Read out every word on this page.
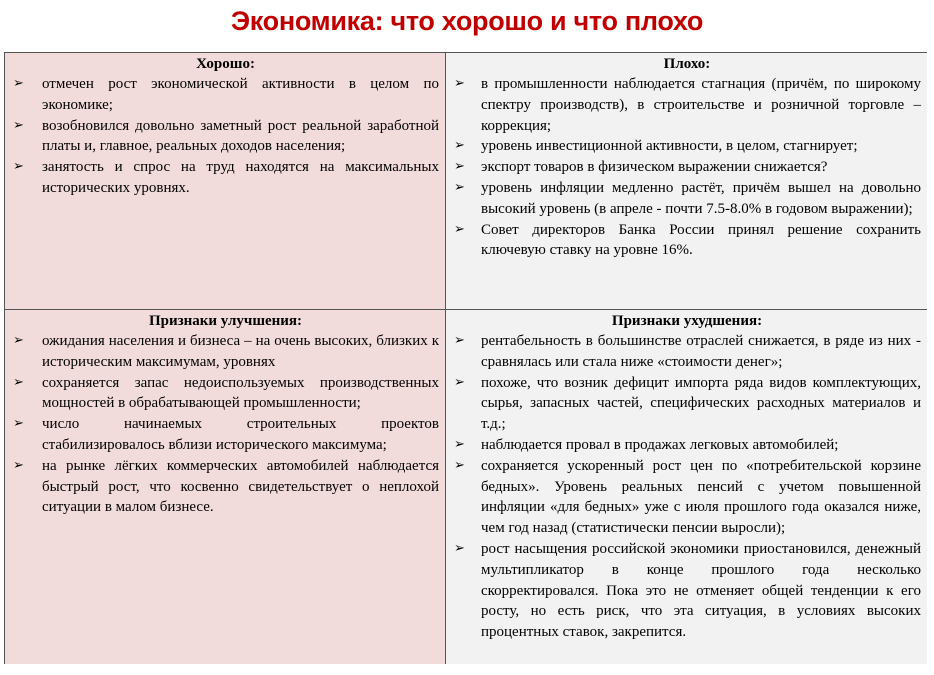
Экономика: что хорошо и что плохо
Хорошо:
➢ отмечен рост экономической активности в целом по экономике;
➢ возобновился довольно заметный рост реальной заработной платы и, главное, реальных доходов населения;
➢ занятость и спрос на труд находятся на максимальных исторических уровнях.
Плохо:
➢ в промышленности наблюдается стагнация (причём, по широкому спектру производств), в строительстве и розничной торговле – коррекция;
➢ уровень инвестиционной активности, в целом, стагнирует;
➢ экспорт товаров в физическом выражении снижается?
➢ уровень инфляции медленно растёт, причём вышел на довольно высокий уровень (в апреле - почти 7.5-8.0% в годовом выражении);
➢ Совет директоров Банка России принял решение сохранить ключевую ставку на уровне 16%.
Признаки улучшения:
➢ ожидания населения и бизнеса – на очень высоких, близких к историческим максимумам, уровнях
➢ сохраняется запас недоиспользуемых производственных мощностей в обрабатывающей промышленности;
➢ число начинаемых строительных проектов стабилизировалось вблизи исторического максимума;
➢ на рынке лёгких коммерческих автомобилей наблюдается быстрый рост, что косвенно свидетельствует о неплохой ситуации в малом бизнесе.
Признаки ухудшения:
➢ рентабельность в большинстве отраслей снижается, в ряде из них - сравнялась или стала ниже «стоимости денег»;
➢ похоже, что возник дефицит импорта ряда видов комплектующих, сырья, запасных частей, специфических расходных материалов и т.д.;
➢ наблюдается провал в продажах легковых автомобилей;
➢ сохраняется ускоренный рост цен по «потребительской корзине бедных». Уровень реальных пенсий с учетом повышенной инфляции «для бедных» уже с июля прошлого года оказался ниже, чем год назад (статистически пенсии выросли);
➢ рост насыщения российской экономики приостановился, денежный мультипликатор в конце прошлого года несколько скорректировался. Пока это не отменяет общей тенденции к его росту, но есть риск, что эта ситуация, в условиях высоких процентных ставок, закрепится.
